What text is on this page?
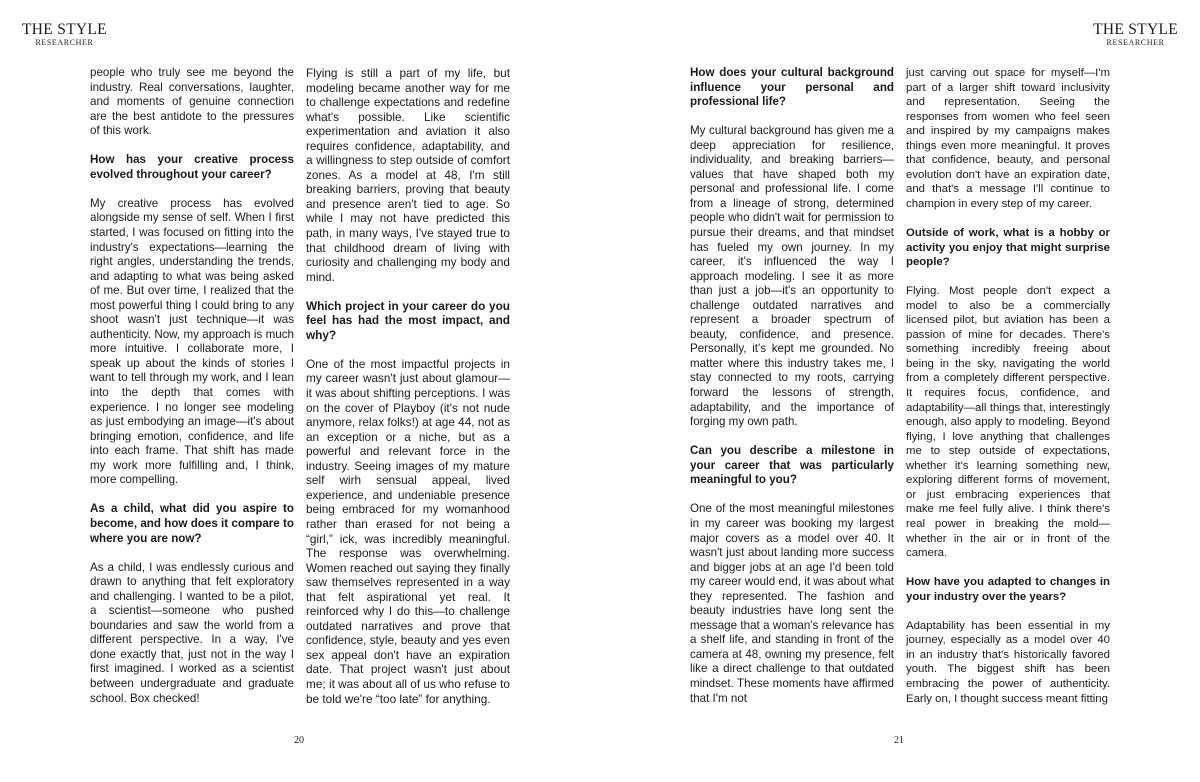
THE STYLE
RESEARCHER
THE STYLE
RESEARCHER

people who truly see me beyond the industry. Real conversations, laughter, and moments of genuine connection are the best antidote to the pressures of this work.

How has your creative process evolved throughout your career?

My creative process has evolved alongside my sense of self. When I first started, I was focused on fitting into the industry's expectations—learning the right angles, understanding the trends, and adapting to what was being asked of me. But over time, I realized that the most powerful thing I could bring to any shoot wasn't just technique—it was authenticity. Now, my approach is much more intuitive. I collaborate more, I speak up about the kinds of stories I want to tell through my work, and I lean into the depth that comes with experience. I no longer see modeling as just embodying an image—it's about bringing emotion, confidence, and life into each frame. That shift has made my work more fulfilling and, I think, more compelling.

As a child, what did you aspire to become, and how does it compare to where you are now?

As a child, I was endlessly curious and drawn to anything that felt exploratory and challenging. I wanted to be a pilot, a scientist—someone who pushed boundaries and saw the world from a different perspective. In a way, I've done exactly that, just not in the way I first imagined. I worked as a scientist between undergraduate and graduate school. Box checked!

Flying is still a part of my life, but modeling became another way for me to challenge expectations and redefine what's possible. Like scientific experimentation and aviation it also requires confidence, adaptability, and a willingness to step outside of comfort zones. As a model at 48, I'm still breaking barriers, proving that beauty and presence aren't tied to age. So while I may not have predicted this path, in many ways, I've stayed true to that childhood dream of living with curiosity and challenging my body and mind.

Which project in your career do you feel has had the most impact, and why?

One of the most impactful projects in my career wasn't just about glamour—it was about shifting perceptions. I was on the cover of Playboy (it's not nude anymore, relax folks!) at age 44, not as an exception or a niche, but as a powerful and relevant force in the industry. Seeing images of my mature self wirh sensual appeal, lived experience, and undeniable presence being embraced for my womanhood rather than erased for not being a “girl,” ick, was incredibly meaningful. The response was overwhelming. Women reached out saying they finally saw themselves represented in a way that felt aspirational yet real. It reinforced why I do this—to challenge outdated narratives and prove that confidence, style, beauty and yes even sex appeal don't have an expiration date. That project wasn't just about me; it was about all of us who refuse to be told we're “too late” for anything.

How does your cultural background influence your personal and professional life?

My cultural background has given me a deep appreciation for resilience, individuality, and breaking barriers—values that have shaped both my personal and professional life. I come from a lineage of strong, determined people who didn't wait for permission to pursue their dreams, and that mindset has fueled my own journey. In my career, it's influenced the way I approach modeling. I see it as more than just a job—it's an opportunity to challenge outdated narratives and represent a broader spectrum of beauty, confidence, and presence. Personally, it's kept me grounded. No matter where this industry takes me, I stay connected to my roots, carrying forward the lessons of strength, adaptability, and the importance of forging my own path.

Can you describe a milestone in your career that was particularly meaningful to you?

One of the most meaningful milestones in my career was booking my largest major covers as a model over 40. It wasn't just about landing more success and bigger jobs at an age I'd been told my career would end, it was about what they represented. The fashion and beauty industries have long sent the message that a woman's relevance has a shelf life, and standing in front of the camera at 48, owning my presence, felt like a direct challenge to that outdated mindset. These moments have affirmed that I'm not

just carving out space for myself—I'm part of a larger shift toward inclusivity and representation. Seeing the responses from women who feel seen and inspired by my campaigns makes things even more meaningful. It proves that confidence, beauty, and personal evolution don't have an expiration date, and that's a message I'll continue to champion in every step of my career.

Outside of work, what is a hobby or activity you enjoy that might surprise people?

Flying. Most people don't expect a model to also be a commercially licensed pilot, but aviation has been a passion of mine for decades. There's something incredibly freeing about being in the sky, navigating the world from a completely different perspective. It requires focus, confidence, and adaptability—all things that, interestingly enough, also apply to modeling. Beyond flying, I love anything that challenges me to step outside of expectations, whether it's learning something new, exploring different forms of movement, or just embracing experiences that make me feel fully alive. I think there's real power in breaking the mold—whether in the air or in front of the camera.

How have you adapted to changes in your industry over the years?

Adaptability has been essential in my journey, especially as a model over 40 in an industry that's historically favored youth. The biggest shift has been embracing the power of authenticity. Early on, I thought success meant fitting

20	21
